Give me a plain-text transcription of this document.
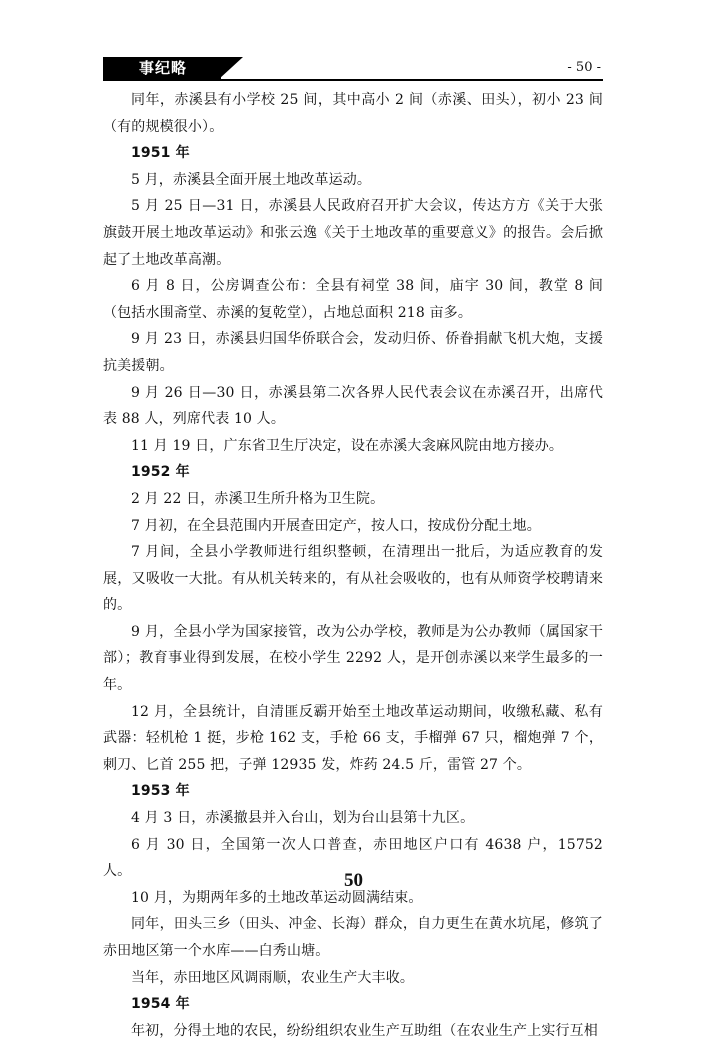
事纪略	- 50 -

同年，赤溪县有小学校 25 间，其中高小 2 间（赤溪、田头），初小 23 间（有的规模很小）。

1951 年

5 月，赤溪县全面开展土地改革运动。

5 月 25 日—31 日，赤溪县人民政府召开扩大会议，传达方方《关于大张旗鼓开展土地改革运动》和张云逸《关于土地改革的重要意义》的报告。会后掀起了土地改革高潮。

6 月 8 日，公房调查公布：全县有祠堂 38 间，庙宇 30 间，教堂 8 间（包括水围斋堂、赤溪的复乾堂），占地总面积 218 亩多。

9 月 23 日，赤溪县归国华侨联合会，发动归侨、侨眷捐献飞机大炮，支援抗美援朝。

9 月 26 日—30 日，赤溪县第二次各界人民代表会议在赤溪召开，出席代表 88 人，列席代表 10 人。

11 月 19 日，广东省卫生厅决定，设在赤溪大衾麻风院由地方接办。

1952 年

2 月 22 日，赤溪卫生所升格为卫生院。

7 月初，在全县范围内开展查田定产，按人口，按成份分配土地。

7 月间，全县小学教师进行组织整顿，在清理出一批后，为适应教育的发展，又吸收一大批。有从机关转来的，有从社会吸收的，也有从师资学校聘请来的。

9 月，全县小学为国家接管，改为公办学校，教师是为公办教师（属国家干部）；教育事业得到发展，在校小学生 2292 人，是开创赤溪以来学生最多的一年。

12 月，全县统计，自清匪反霸开始至土地改革运动期间，收缴私藏、私有武器：轻机枪 1 挺，步枪 162 支，手枪 66 支，手榴弹 67 只，榴炮弹 7 个，刺刀、匕首 255 把，子弹 12935 发，炸药 24.5 斤，雷管 27 个。

1953 年

4 月 3 日，赤溪撤县并入台山，划为台山县第十九区。

6 月 30 日，全国第一次人口普查，赤田地区户口有 4638 户，15752 人。

10 月，为期两年多的土地改革运动圆满结束。

同年，田头三乡（田头、冲金、长海）群众，自力更生在黄水坑尾，修筑了赤田地区第一个水库——白秀山塘。

当年，赤田地区风调雨顺，农业生产大丰收。

1954 年

年初，分得土地的农民，纷纷组织农业生产互助组（在农业生产上实行互相

50
